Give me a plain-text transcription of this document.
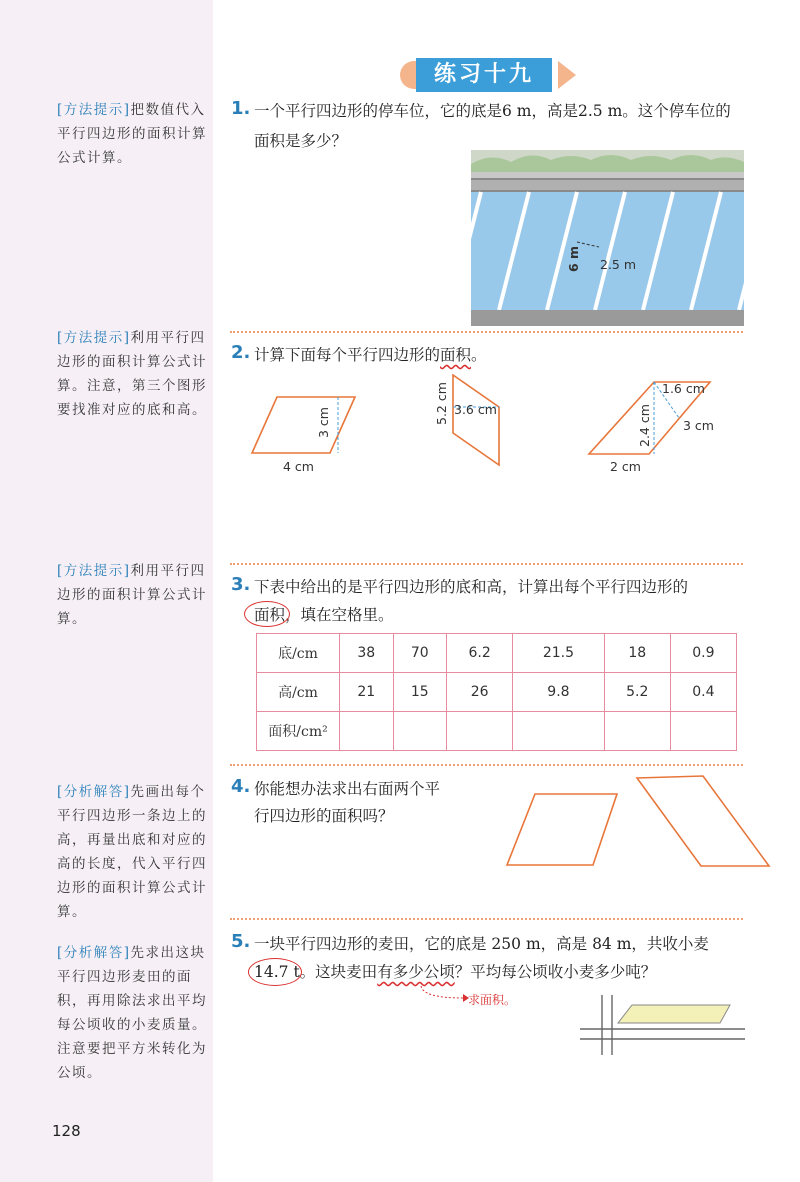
[方法提示]把数值代入平行四边形的面积计算公式计算。
[方法提示]利用平行四边形的面积计算公式计算。注意，第三个图形要找准对应的底和高。
[方法提示]利用平行四边形的面积计算公式计算。
[分析解答]先画出每个平行四边形一条边上的高，再量出底和对应的高的长度，代入平行四边形的面积计算公式计算。
[分析解答]先求出这块平行四边形麦田的面积，再用除法求出平均每公顷收的小麦质量。注意要把平方米转化为公顷。
128
练习十九
1. 一个平行四边形的停车位，它的底是6 m，高是2.5 m。这个停车位的
面积是多少？
6 m 2.5 m
2. 计算下面每个平行四边形的面积。
4 cm
3 cm	5.2 cm 3.6 cm
1.6 cm
3 cm
2.4 cm
2 cm
3. 下表中给出的是平行四边形的底和高，计算出每个平行四边形的
面积，填在空格里。
底/cm	38	70	6.2	21.5	18	0.9
高/cm	21	15	26	9.8	5.2	0.4
面积/cm²						
4. 你能想办法求出右面两个平
行四边形的面积吗？
5. 一块平行四边形的麦田，它的底是 250 m，高是 84 m，共收小麦
14.7 t。这块麦田有多少公顷？平均每公顷收小麦多少吨？
求面积。
